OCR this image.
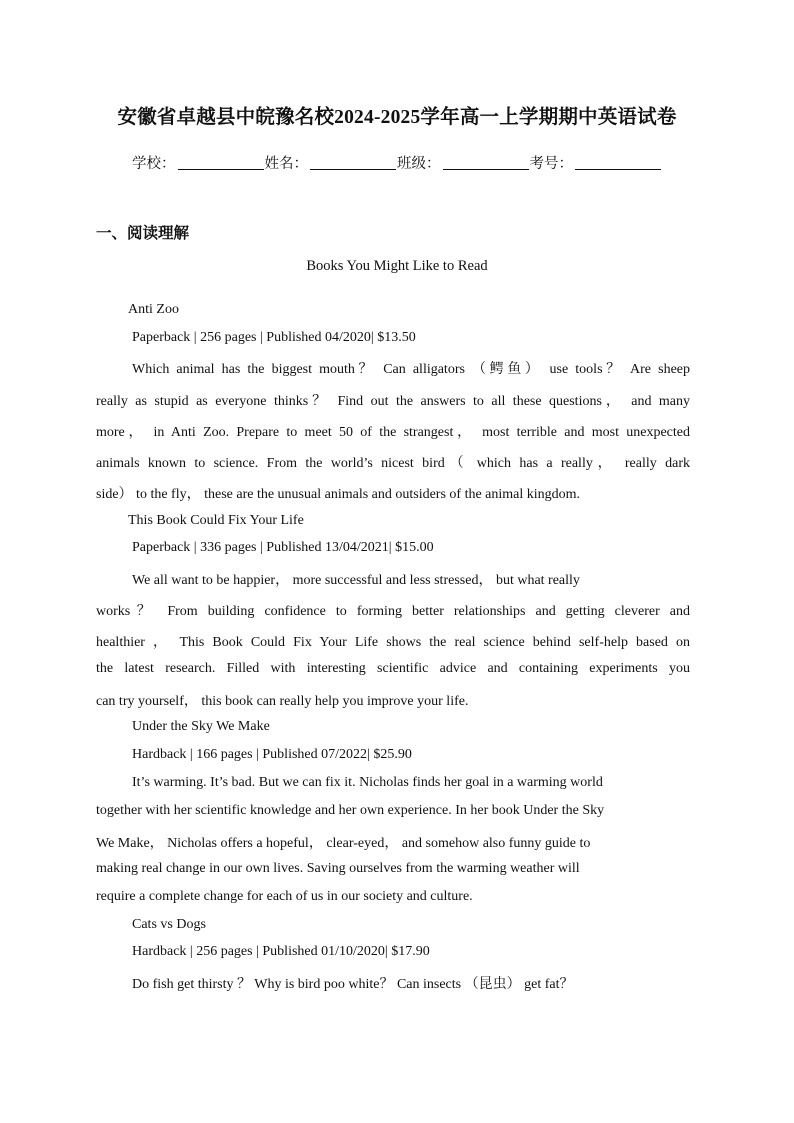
安徽省卓越县中皖豫名校2024-2025学年高一上学期期中英语试卷
学校：	姓名：	班级：	考号：
一、阅读理解
Books You Might Like to Read
Anti Zoo
Paperback | 256 pages | Published 04/2020| $13.50
Which animal has the biggest mouth？ Can alligators （鳄鱼） use tools？ Are sheep
really as stupid as everyone thinks？ Find out the answers to all these questions， and many
more， in Anti Zoo. Prepare to meet 50 of the strangest， most terrible and most unexpected
animals known to science. From the world’s nicest bird（ which has a really， really dark
side） to the fly， these are the unusual animals and outsiders of the animal kingdom.
This Book Could Fix Your Life
Paperback | 336 pages | Published 13/04/2021| $15.00
We all want to be happier， more successful and less stressed， but what really
works？ From building confidence to forming better relationships and getting cleverer and
healthier ， This Book Could Fix Your Life shows the real science behind self-help based on
the latest research. Filled with interesting scientific advice and containing experiments you
can try yourself， this book can really help you improve your life.
Under the Sky We Make
Hardback | 166 pages | Published 07/2022| $25.90
It’s warming. It’s bad. But we can fix it. Nicholas finds her goal in a warming world
together with her scientific knowledge and her own experience. In her book Under the Sky
We Make， Nicholas offers a hopeful， clear-eyed， and somehow also funny guide to
making real change in our own lives. Saving ourselves from the warming weather will
require a complete change for each of us in our society and culture.
Cats vs Dogs
Hardback | 256 pages | Published 01/10/2020| $17.90
Do fish get thirsty ？ Why is bird poo white？ Can insects （昆虫） get fat？
